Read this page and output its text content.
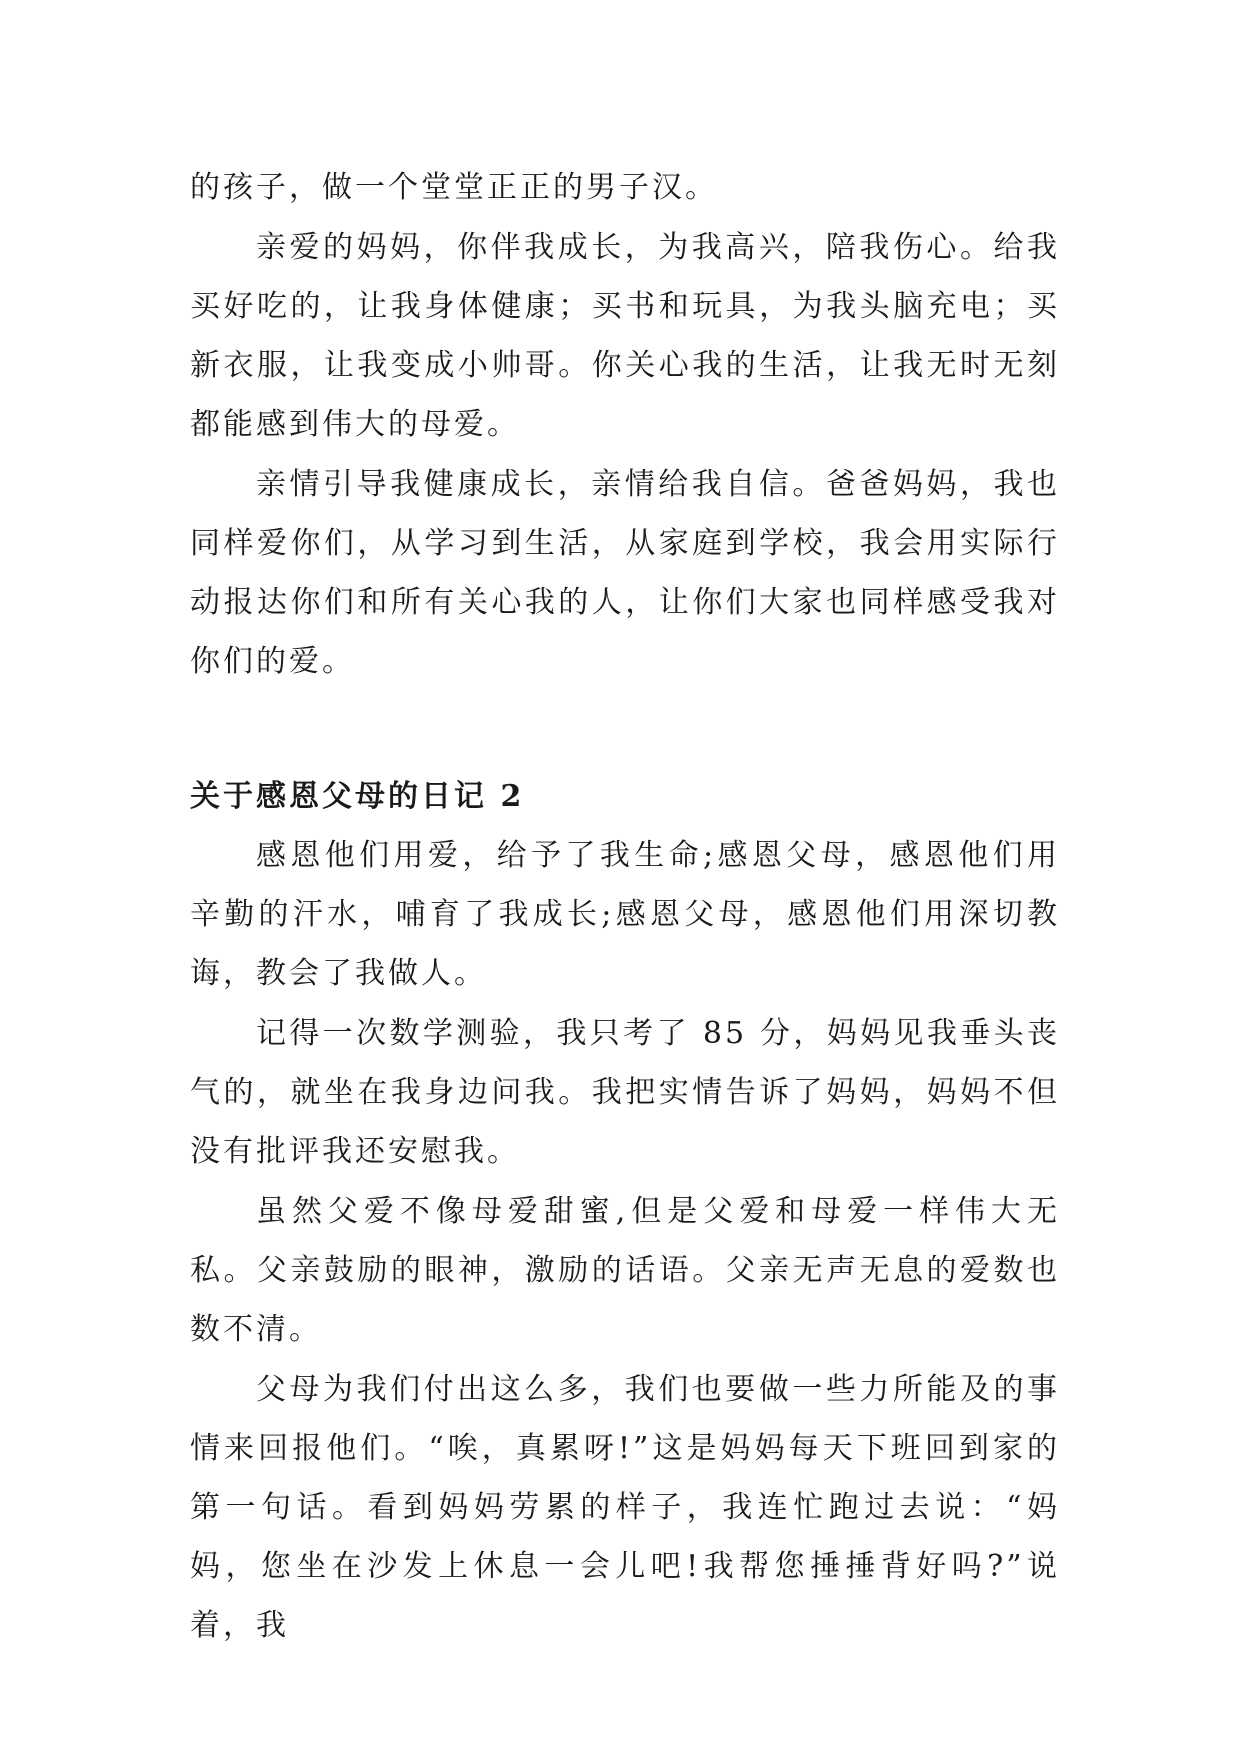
的孩子，做一个堂堂正正的男子汉。

亲爱的妈妈，你伴我成长，为我高兴，陪我伤心。给我买好吃的，让我身体健康；买书和玩具，为我头脑充电；买新衣服，让我变成小帅哥。你关心我的生活，让我无时无刻都能感到伟大的母爱。

亲情引导我健康成长，亲情给我自信。爸爸妈妈，我也同样爱你们，从学习到生活，从家庭到学校，我会用实际行动报达你们和所有关心我的人，让你们大家也同样感受我对你们的爱。

关于感恩父母的日记 2

感恩他们用爱，给予了我生命;感恩父母，感恩他们用辛勤的汗水，哺育了我成长;感恩父母，感恩他们用深切教诲，教会了我做人。

记得一次数学测验，我只考了 85 分，妈妈见我垂头丧气的，就坐在我身边问我。我把实情告诉了妈妈，妈妈不但没有批评我还安慰我。

虽然父爱不像母爱甜蜜,但是父爱和母爱一样伟大无私。父亲鼓励的眼神，激励的话语。父亲无声无息的爱数也数不清。

父母为我们付出这么多，我们也要做一些力所能及的事情来回报他们。“唉，真累呀!”这是妈妈每天下班回到家的第一句话。看到妈妈劳累的样子，我连忙跑过去说：“妈妈，您坐在沙发上休息一会儿吧!我帮您捶捶背好吗?”说着，我
